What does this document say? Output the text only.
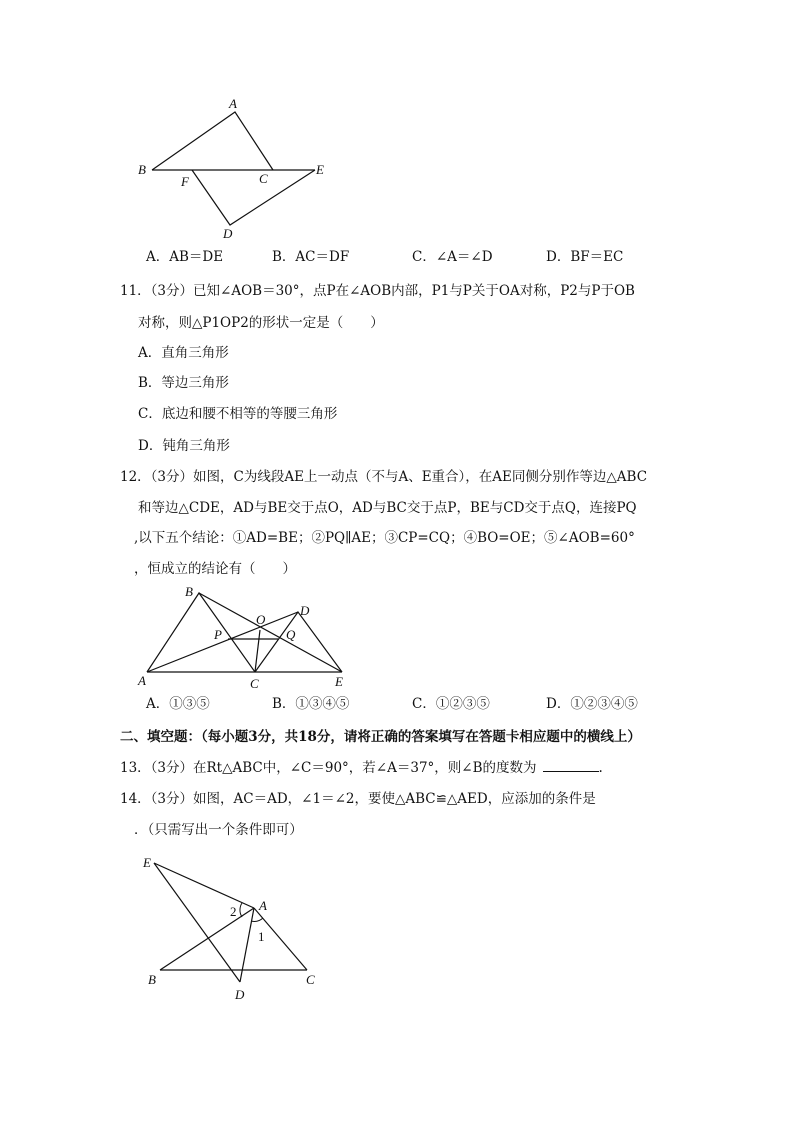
A
B
C
D
E
F
A．AB＝DE	B．AC＝DF	C．∠A＝∠D	D．BF＝EC
11．（3分）已知∠AOB＝30°，点P在∠AOB内部，P1与P关于OA对称，P2与P于OB
对称，则△P1OP2的形状一定是（　　）
A．直角三角形
B．等边三角形
C．底边和腰不相等的等腰三角形
D．钝角三角形
12．（3分）如图，C为线段AE上一动点（不与A、E重合），在AE同侧分别作等边△ABC
和等边△CDE，AD与BE交于点O，AD与BC交于点P，BE与CD交于点Q，连接PQ
,以下五个结论：①AD=BE；②PQ∥AE；③CP=CQ；④BO=OE；⑤∠AOB=60°
，恒成立的结论有（　　）
B
A	C
D
E
O
P	Q
A．①③⑤	B．①③④⑤	C．①②③⑤	D．①②③④⑤
二、填空题：（每小题3分，共18分，请将正确的答案填写在答题卡相应题中的横线上）
13．（3分）在Rt△ABC中，∠C＝90°，若∠A＝37°，则∠B的度数为	.
14．（3分）如图，AC＝AD，∠1＝∠2，要使△ABC≌△AED，应添加的条件是
．（只需写出一个条件即可）
E
A
B
D
C
2
1
